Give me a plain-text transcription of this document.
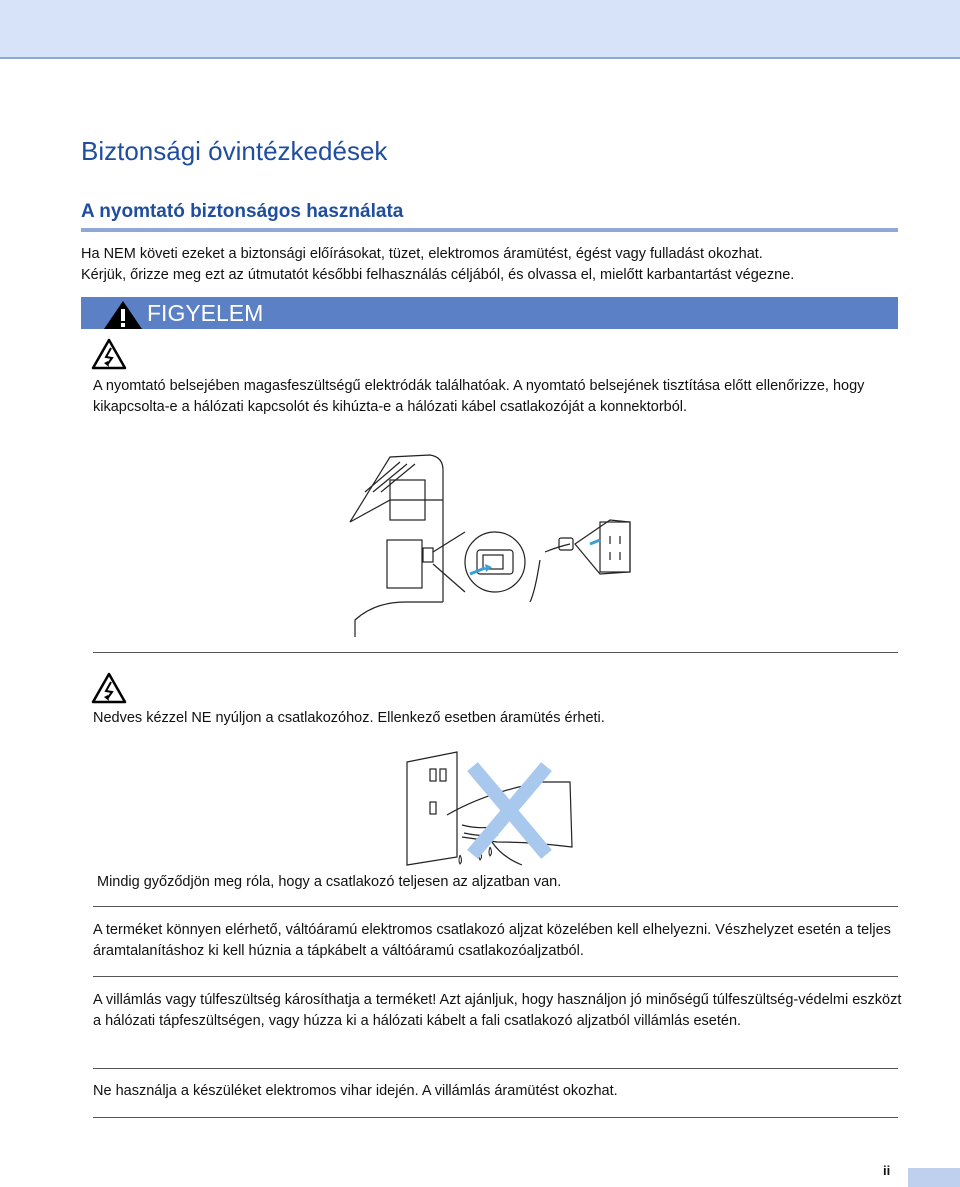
Biztonsági óvintézkedések
A nyomtató biztonságos használata

Ha NEM követi ezeket a biztonsági előírásokat, tüzet, elektromos áramütést, égést vagy fulladást okozhat.

Kérjük, őrizze meg ezt az útmutatót későbbi felhasználás céljából, és olvassa el, mielőtt karbantartást végezne.

FIGYELEM

A nyomtató belsejében magasfeszültségű elektródák találhatóak. A nyomtató belsejének tisztítása előtt ellenőrizze, hogy kikapcsolta-e a hálózati kapcsolót és kihúzta-e a hálózati kábel csatlakozóját a konnektorból.

Nedves kézzel NE nyúljon a csatlakozóhoz. Ellenkező esetben áramütés érheti.

Mindig győződjön meg róla, hogy a csatlakozó teljesen az aljzatban van.

A terméket könnyen elérhető, váltóáramú elektromos csatlakozó aljzat közelében kell elhelyezni. Vészhelyzet esetén a teljes áramtalanításhoz ki kell húznia a tápkábelt a váltóáramú csatlakozóaljzatból.

A villámlás vagy túlfeszültség károsíthatja a terméket! Azt ajánljuk, hogy használjon jó minőségű túlfeszültség-védelmi eszközt a hálózati tápfeszültségen, vagy húzza ki a hálózati kábelt a fali csatlakozó aljzatból villámlás esetén.

Ne használja a készüléket elektromos vihar idején. A villámlás áramütést okozhat.

ii
